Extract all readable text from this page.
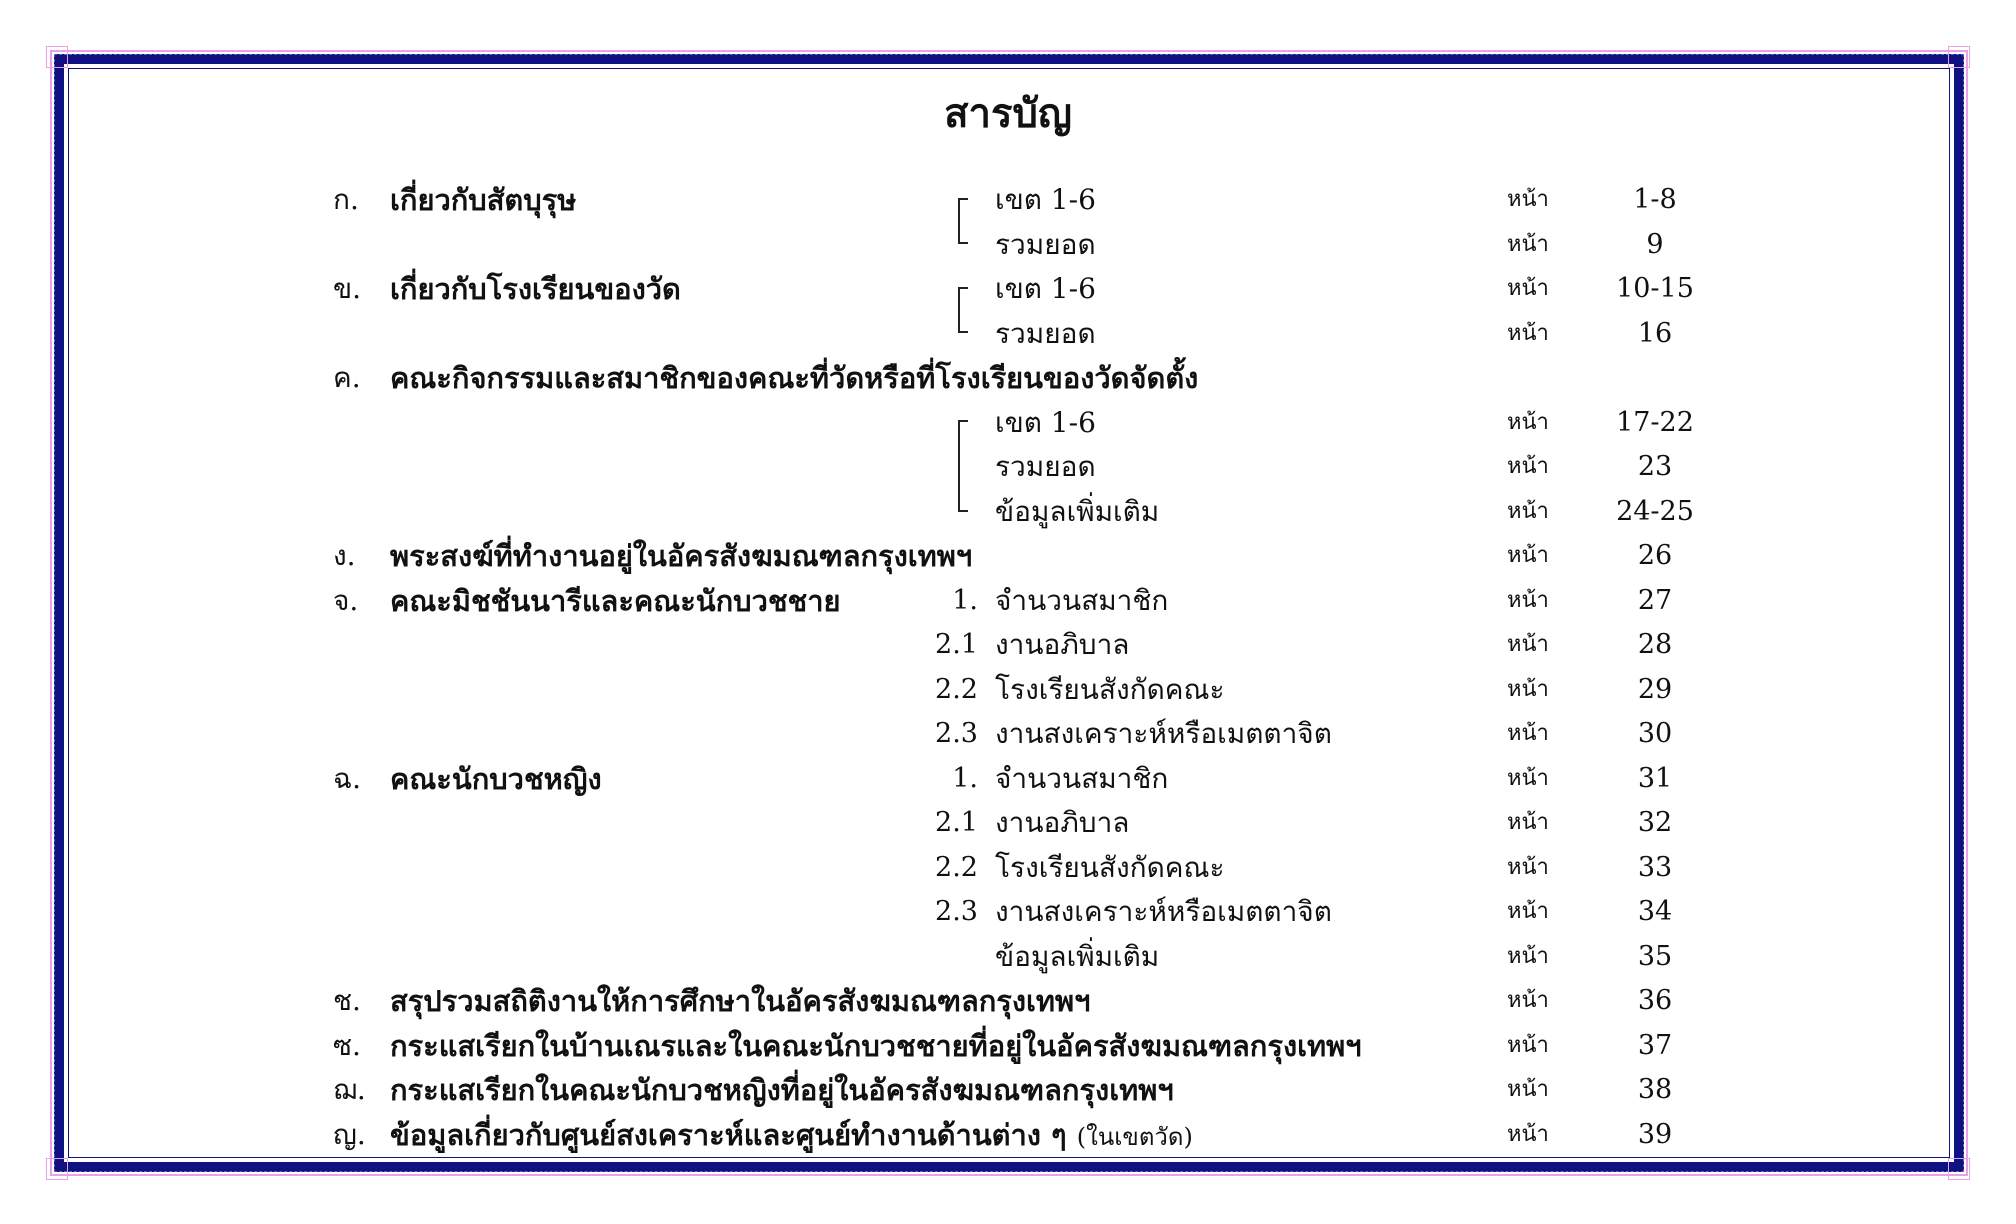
สารบัญ
ก. เกี่ยวกับสัตบุรุษ	เขต 1-6	หน้า	1-8
รวมยอด	หน้า	9
ข. เกี่ยวกับโรงเรียนของวัด	เขต 1-6	หน้า 10-15
รวมยอด	หน้า	16
ค. คณะกิจกรรมและสมาชิกของคณะที่วัดหรือที่โรงเรียนของวัดจัดตั้ง
เขต 1-6	หน้า 17-22
รวมยอด	หน้า	23
ข้อมูลเพิ่มเติม	หน้า 24-25
ง. พระสงฆ์ที่ทำงานอยู่ในอัครสังฆมณฑลกรุงเทพฯ	หน้า	26
จ. คณะมิชชันนารีและคณะนักบวชชาย	1. จำนวนสมาชิก	หน้า	27
2.1 งานอภิบาล	หน้า	28
2.2 โรงเรียนสังกัดคณะ	หน้า	29
2.3 งานสงเคราะห์หรือเมตตาจิต	หน้า	30
ฉ. คณะนักบวชหญิง	1. จำนวนสมาชิก	หน้า	31
2.1 งานอภิบาล	หน้า	32
2.2 โรงเรียนสังกัดคณะ	หน้า	33
2.3 งานสงเคราะห์หรือเมตตาจิต	หน้า	34
ข้อมูลเพิ่มเติม	หน้า	35
ช. สรุปรวมสถิติงานให้การศึกษาในอัครสังฆมณฑลกรุงเทพฯ	หน้า	36
ซ. กระแสเรียกในบ้านเณรและในคณะนักบวชชายที่อยู่ในอัครสังฆมณฑลกรุงเทพฯ	หน้า	37
ฌ. กระแสเรียกในคณะนักบวชหญิงที่อยู่ในอัครสังฆมณฑลกรุงเทพฯ	หน้า	38
ญ. ข้อมูลเกี่ยวกับศูนย์สงเคราะห์และศูนย์ทำงานด้านต่าง ๆ (ในเขตวัด)	หน้า	39
